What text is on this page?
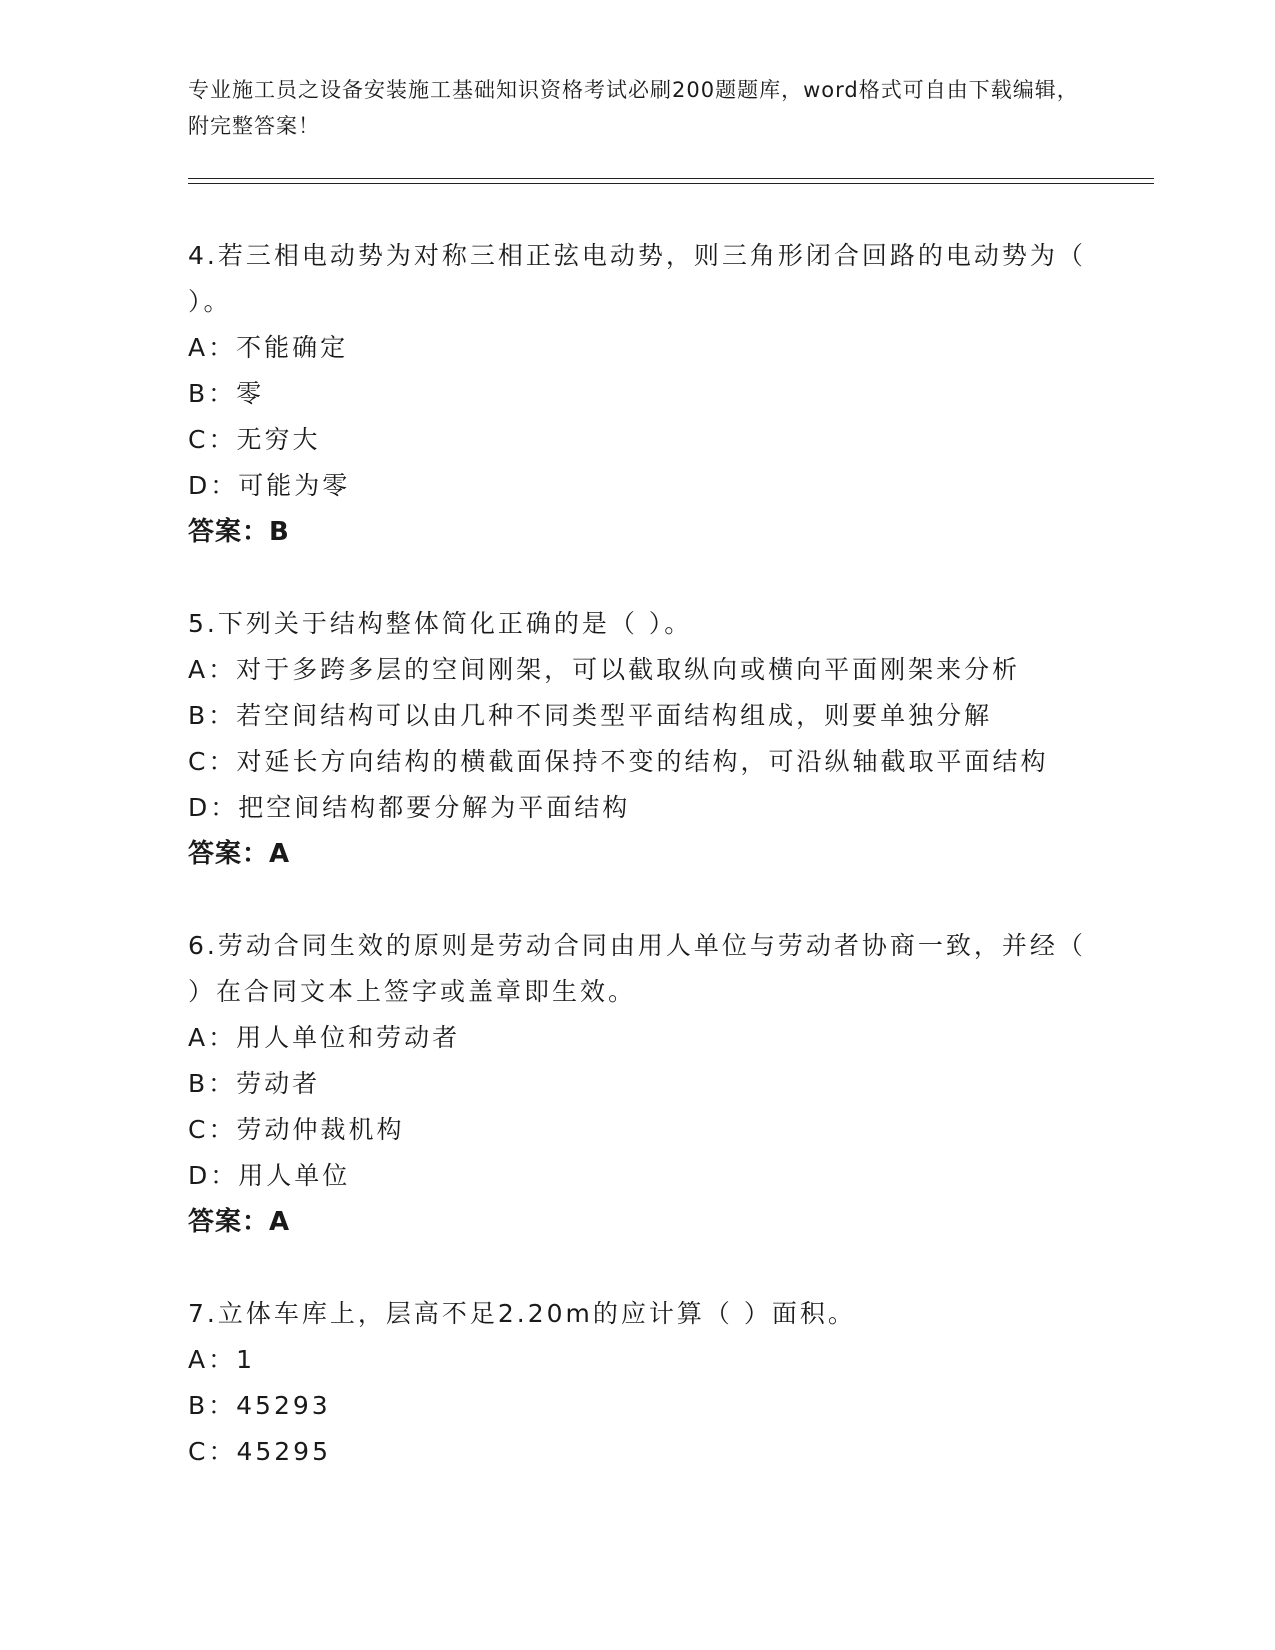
专业施工员之设备安装施工基础知识资格考试必刷200题题库，word格式可自由下载编辑，附完整答案！
4.若三相电动势为对称三相正弦电动势，则三角形闭合回路的电动势为（ ）。
A：不能确定
B：零
C：无穷大
D：可能为零
答案：B
5.下列关于结构整体简化正确的是（ ）。
A：对于多跨多层的空间刚架，可以截取纵向或横向平面刚架来分析
B：若空间结构可以由几种不同类型平面结构组成，则要单独分解
C：对延长方向结构的横截面保持不变的结构，可沿纵轴截取平面结构
D：把空间结构都要分解为平面结构
答案：A
6.劳动合同生效的原则是劳动合同由用人单位与劳动者协商一致，并经（ ）在合同文本上签字或盖章即生效。
A：用人单位和劳动者
B：劳动者
C：劳动仲裁机构
D：用人单位
答案：A
7.立体车库上，层高不足2.20m的应计算（ ）面积。
A：1
B：45293
C：45295
